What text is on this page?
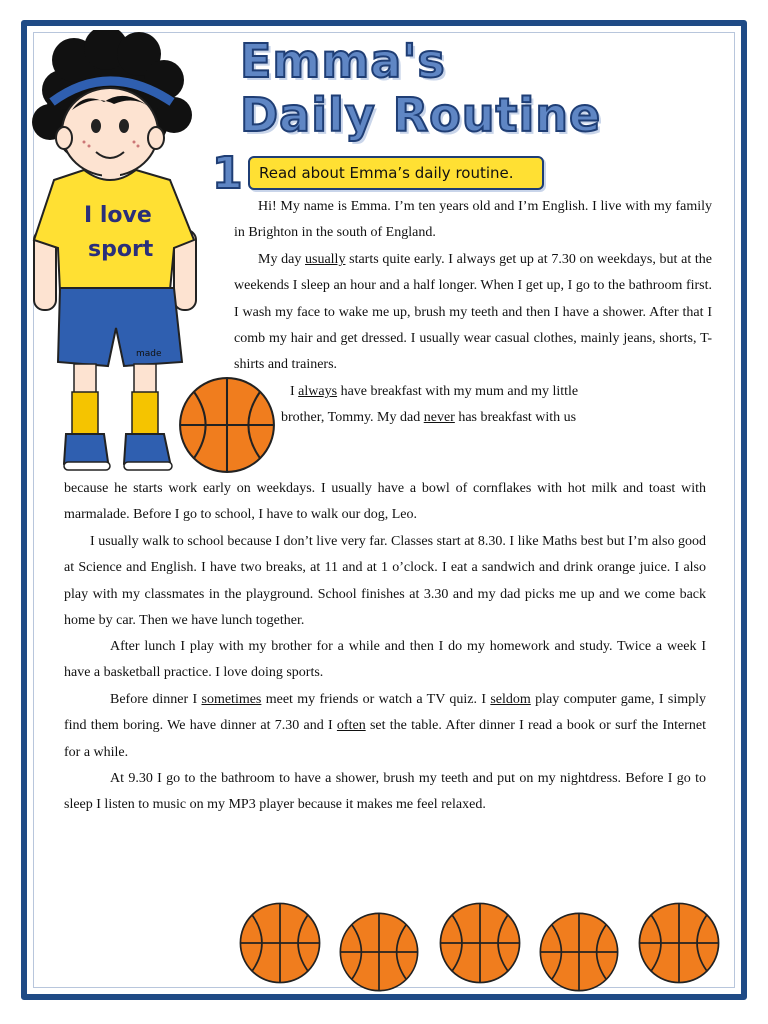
Emma's
Daily Routine
1	Read about Emma’s daily routine.
I love
sport
made

Hi! My name is Emma. I’m ten years old and I’m English. I live with my family in Brighton in the south of England.

My day usually starts quite early. I always get up at 7.30 on weekdays, but at the weekends I sleep an hour and a half longer. When I get up, I go to the bathroom first. I wash my face to wake me up, brush my teeth and then I have a shower. After that I comb my hair and get dressed. I usually wear casual clothes, mainly jeans, shorts, T-shirts and trainers.

I always have breakfast with my mum and my little

brother, Tommy. My dad never has breakfast with us

because he starts work early on weekdays. I usually have a bowl of cornflakes with hot milk and toast with marmalade. Before I go to school, I have to walk our dog, Leo.

I usually walk to school because I don’t live very far. Classes start at 8.30. I like Maths best but I’m also good at Science and English. I have two breaks, at 11 and at 1 o’clock. I eat a sandwich and drink orange juice. I also play with my classmates in the playground. School finishes at 3.30 and my dad picks me up and we come back home by car. Then we have lunch together.

After lunch I play with my brother for a while and then I do my homework and study. Twice a week I have a basketball practice. I love doing sports.

Before dinner I sometimes meet my friends or watch a TV quiz. I seldom play computer game, I simply find them boring. We have dinner at 7.30 and I often set the table. After dinner I read a book or surf the Internet for a while.

At 9.30 I go to the bathroom to have a shower, brush my teeth and put on my nightdress. Before I go to sleep I listen to music on my MP3 player because it makes me feel relaxed.
